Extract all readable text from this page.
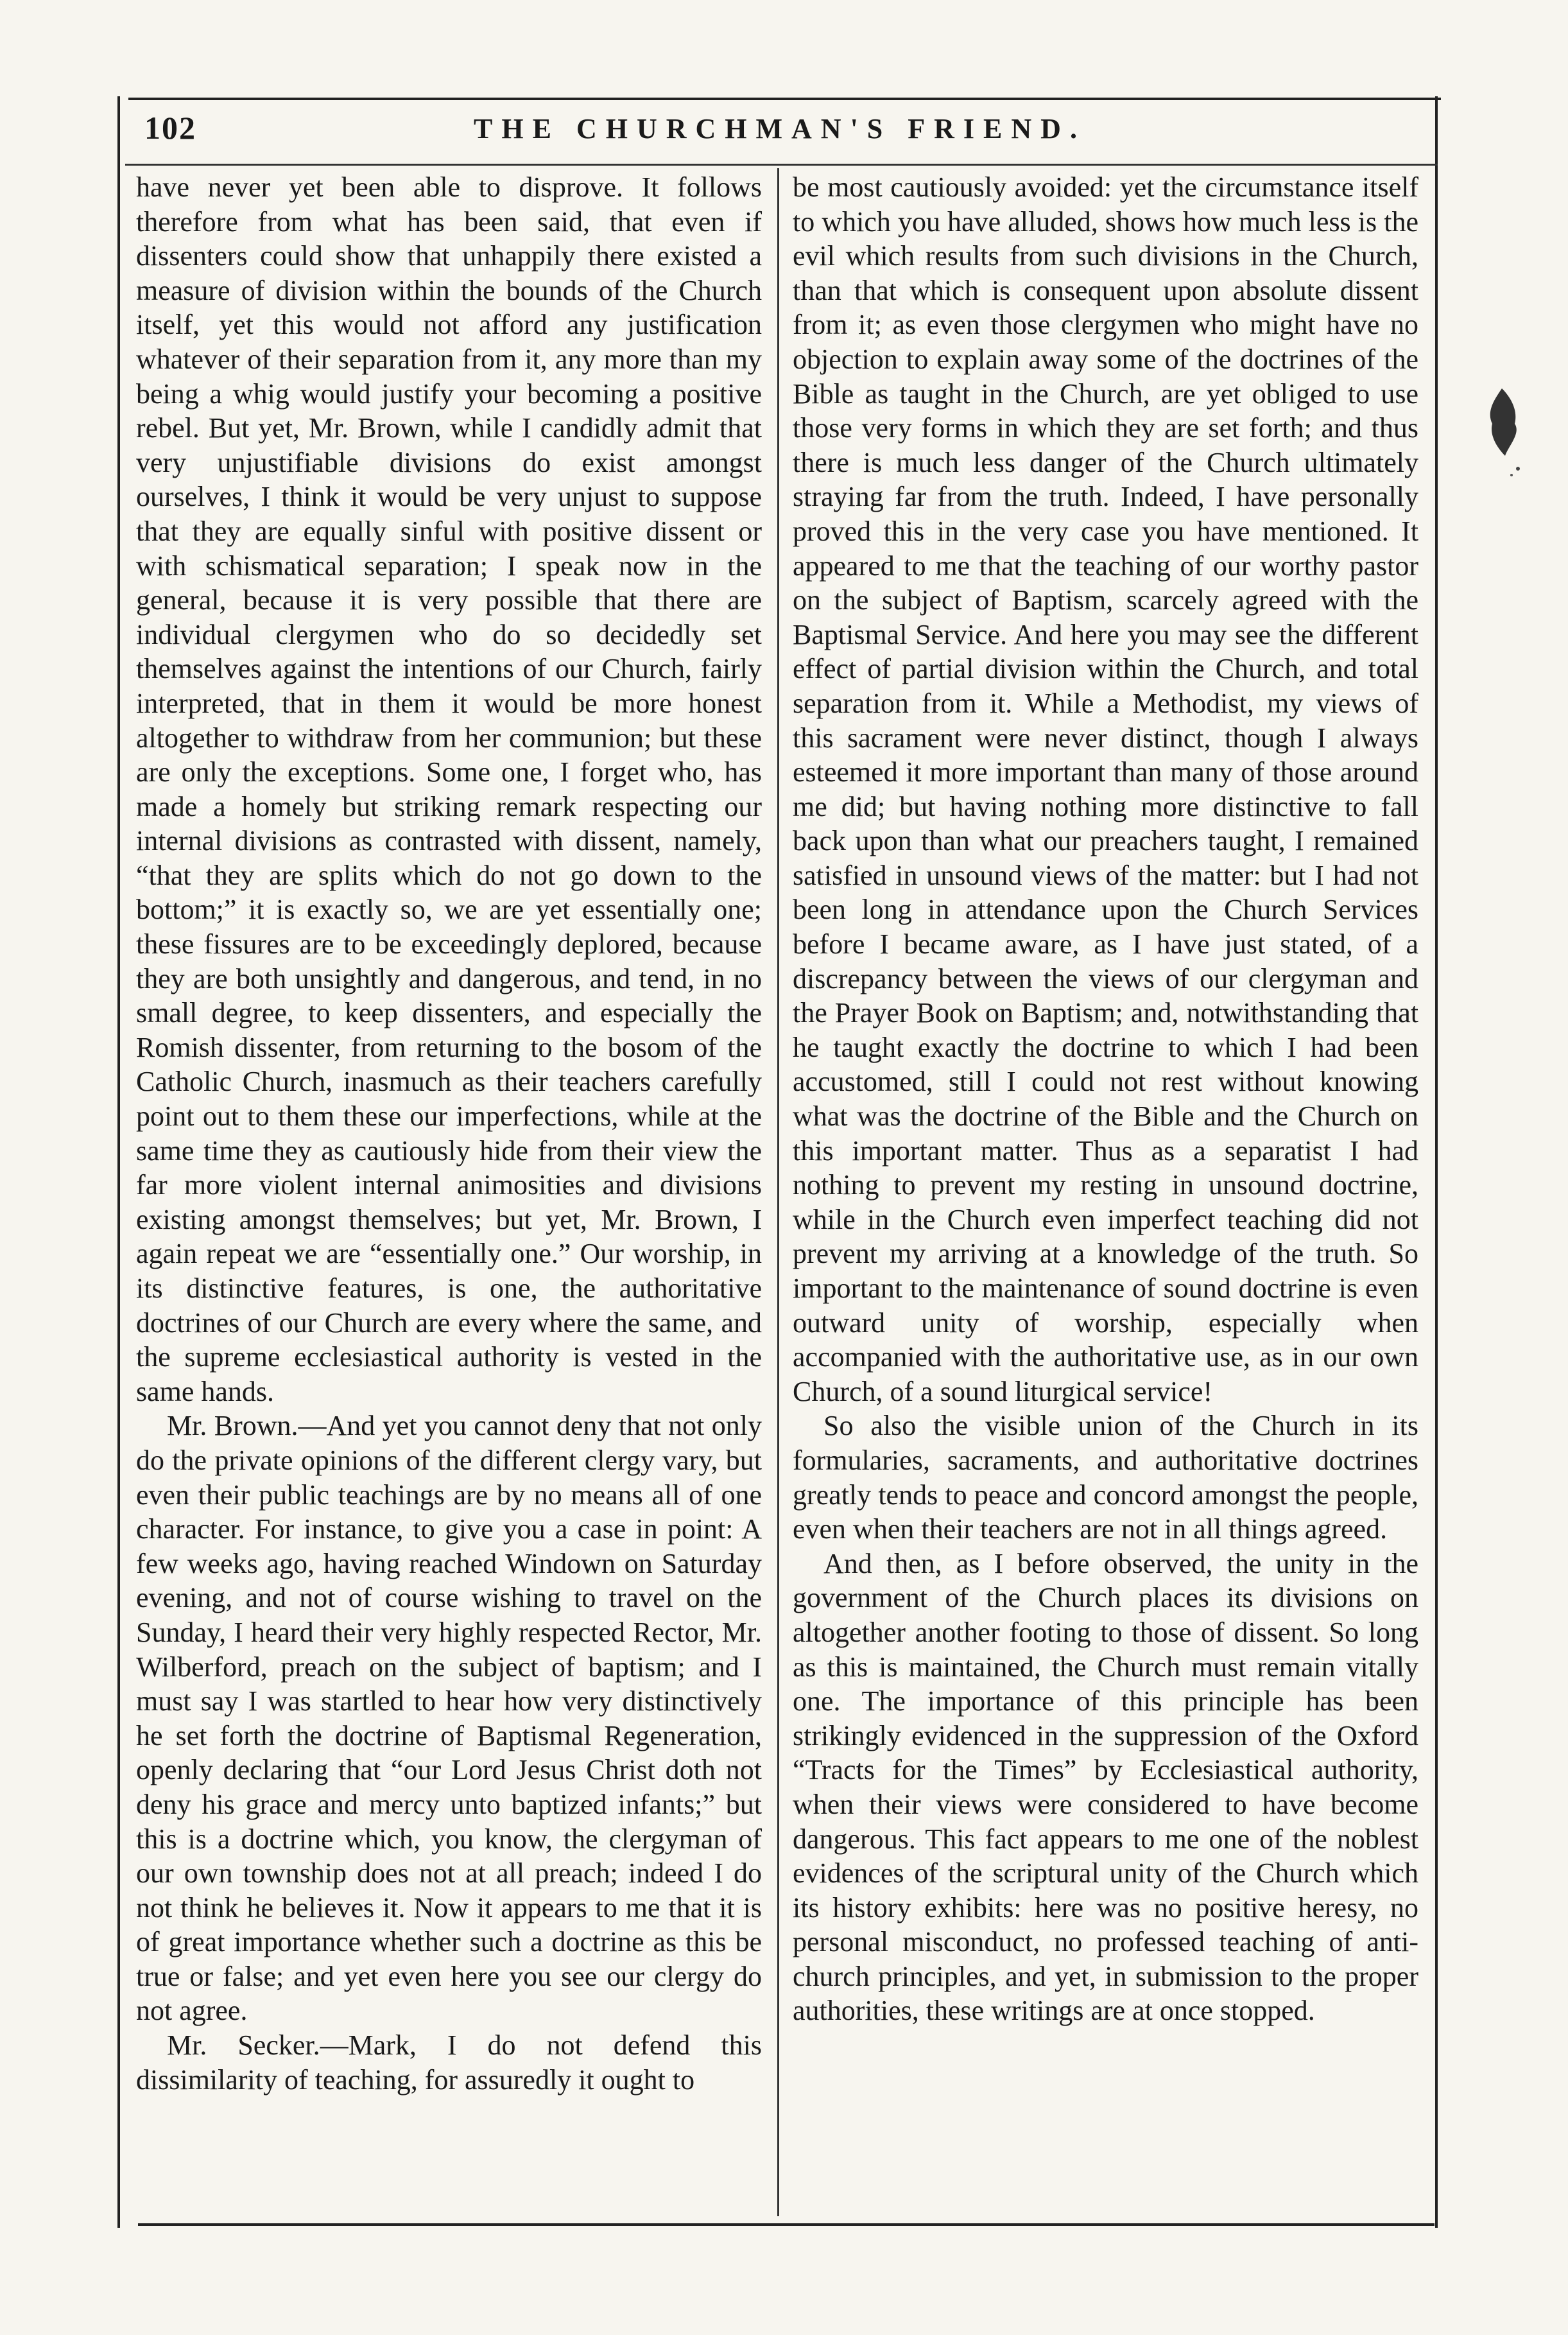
102	THE CHURCHMAN'S FRIEND.

have never yet been able to disprove. It follows therefore from what has been said, that even if dissenters could show that unhappily there existed a measure of division within the bounds of the Church itself, yet this would not afford any justification whatever of their separation from it, any more than my being a whig would justify your becoming a positive rebel. But yet, Mr. Brown, while I candidly admit that very unjustifiable divisions do exist amongst ourselves, I think it would be very unjust to suppose that they are equally sinful with positive dissent or with schismatical separation; I speak now in the general, because it is very possible that there are individual clergymen who do so decidedly set themselves against the intentions of our Church, fairly interpreted, that in them it would be more honest altogether to withdraw from her communion; but these are only the exceptions. Some one, I forget who, has made a homely but striking remark respecting our internal divisions as contrasted with dissent, namely, “that they are splits which do not go down to the bottom;” it is exactly so, we are yet essentially one; these fissures are to be exceedingly deplored, because they are both unsightly and dangerous, and tend, in no small degree, to keep dissenters, and especially the Romish dissenter, from returning to the bosom of the Catholic Church, inasmuch as their teachers carefully point out to them these our imperfections, while at the same time they as cautiously hide from their view the far more violent internal animosities and divisions existing amongst themselves; but yet, Mr. Brown, I again repeat we are “essentially one.” Our worship, in its distinctive features, is one, the authoritative doctrines of our Church are every where the same, and the supreme ecclesiastical authority is vested in the same hands.

Mr. Brown.—And yet you cannot deny that not only do the private opinions of the different clergy vary, but even their public teachings are by no means all of one character. For instance, to give you a case in point: A few weeks ago, having reached Windown on Saturday evening, and not of course wishing to travel on the Sunday, I heard their very highly respected Rector, Mr. Wilberford, preach on the subject of baptism; and I must say I was startled to hear how very distinctively he set forth the doctrine of Baptismal Regeneration, openly declaring that “our Lord Jesus Christ doth not deny his grace and mercy unto baptized infants;” but this is a doctrine which, you know, the clergyman of our own township does not at all preach; indeed I do not think he believes it. Now it appears to me that it is of great importance whether such a doctrine as this be true or false; and yet even here you see our clergy do not agree.

Mr. Secker.—Mark, I do not defend this dissimilarity of teaching, for assuredly it ought to

be most cautiously avoided: yet the circumstance itself to which you have alluded, shows how much less is the evil which results from such divisions in the Church, than that which is consequent upon absolute dissent from it; as even those clergymen who might have no objection to explain away some of the doctrines of the Bible as taught in the Church, are yet obliged to use those very forms in which they are set forth; and thus there is much less danger of the Church ultimately straying far from the truth. Indeed, I have personally proved this in the very case you have mentioned. It appeared to me that the teaching of our worthy pastor on the subject of Baptism, scarcely agreed with the Baptismal Service. And here you may see the different effect of partial division within the Church, and total separation from it. While a Methodist, my views of this sacrament were never distinct, though I always esteemed it more important than many of those around me did; but having nothing more distinctive to fall back upon than what our preachers taught, I remained satisfied in unsound views of the matter: but I had not been long in attendance upon the Church Services before I became aware, as I have just stated, of a discrepancy between the views of our clergyman and the Prayer Book on Baptism; and, notwithstanding that he taught exactly the doctrine to which I had been accustomed, still I could not rest without knowing what was the doctrine of the Bible and the Church on this important matter. Thus as a separatist I had nothing to prevent my resting in unsound doctrine, while in the Church even imperfect teaching did not prevent my arriving at a knowledge of the truth. So important to the maintenance of sound doctrine is even outward unity of worship, especially when accompanied with the authoritative use, as in our own Church, of a sound liturgical service!

So also the visible union of the Church in its formularies, sacraments, and authoritative doctrines greatly tends to peace and concord amongst the people, even when their teachers are not in all things agreed.

And then, as I before observed, the unity in the government of the Church places its divisions on altogether another footing to those of dissent. So long as this is maintained, the Church must remain vitally one. The importance of this principle has been strikingly evidenced in the suppression of the Oxford “Tracts for the Times” by Ecclesiastical authority, when their views were considered to have become dangerous. This fact appears to me one of the noblest evidences of the scriptural unity of the Church which its history exhibits: here was no positive heresy, no personal misconduct, no professed teaching of anti-church principles, and yet, in submission to the proper authorities, these writings are at once stopped.
